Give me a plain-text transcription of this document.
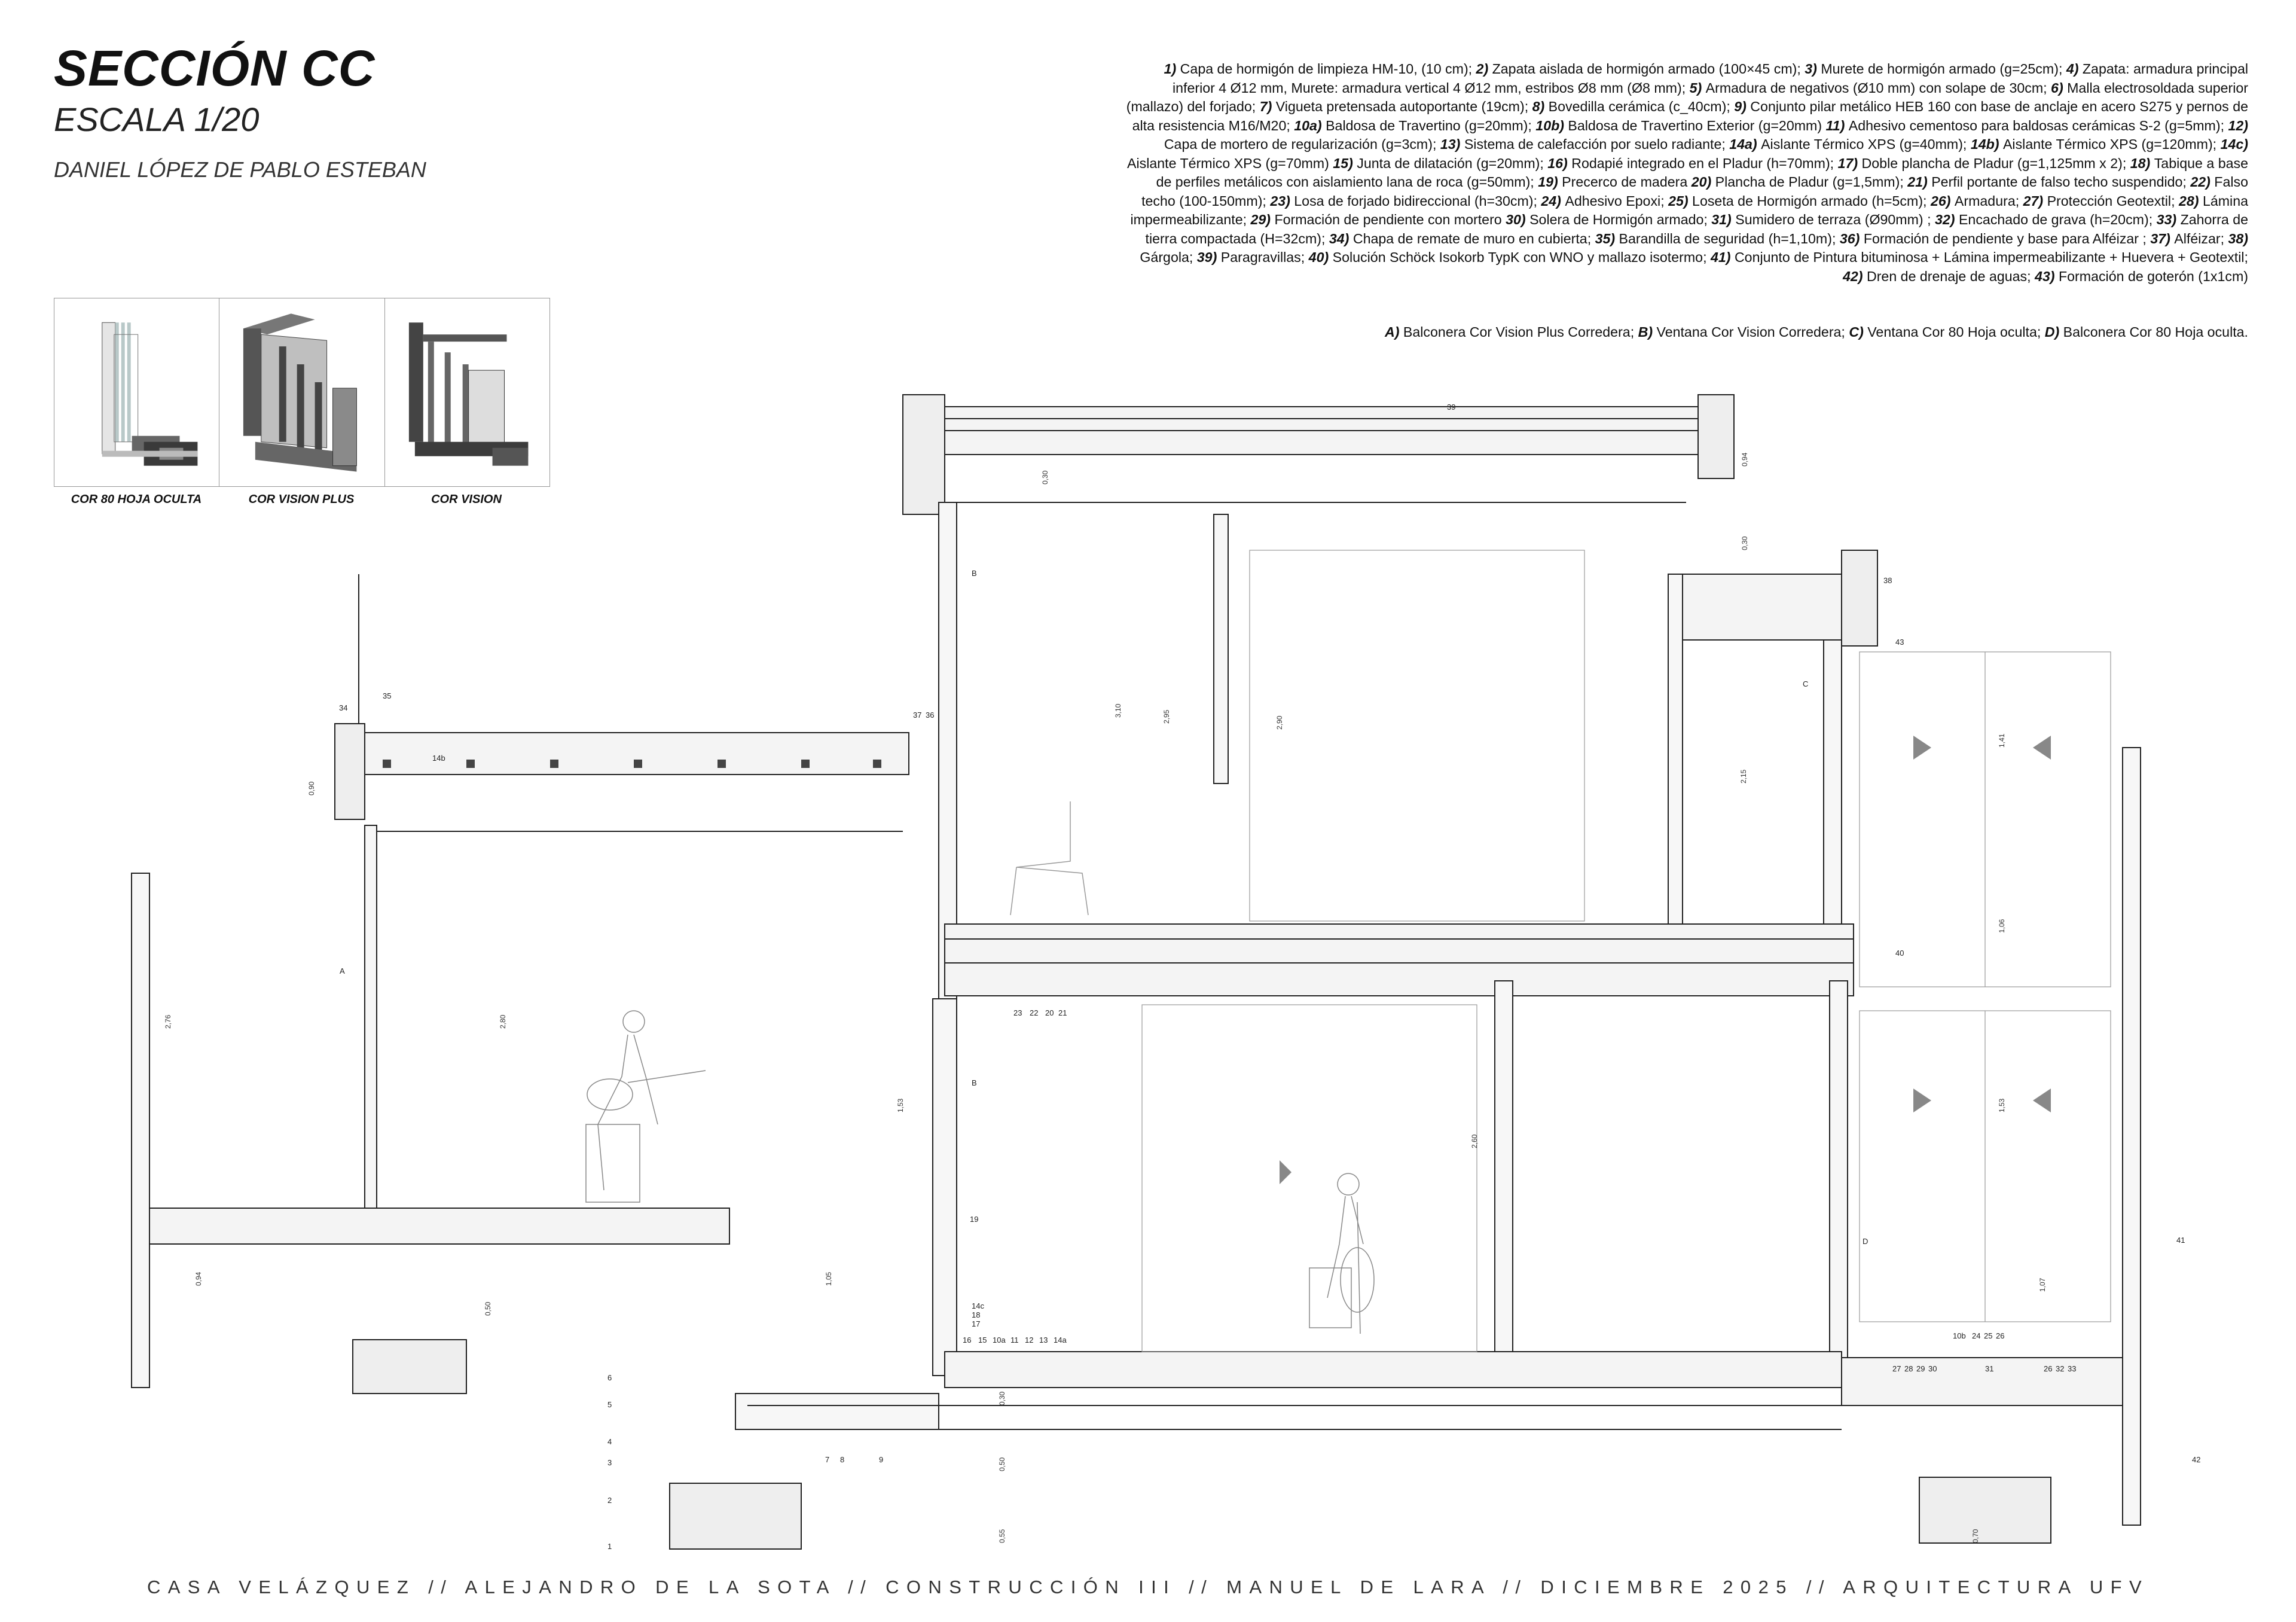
SECCIÓN CC
ESCALA 1/20
DANIEL LÓPEZ DE PABLO ESTEBAN
1) Capa de hormigón de limpieza HM-10, (10 cm); 2) Zapata aislada de hormigón armado (100×45 cm); 3) Murete de hormigón armado (g=25cm); 4) Zapata: armadura principal inferior 4 Ø12 mm, Murete: armadura vertical 4 Ø12 mm, estribos Ø8 mm (Ø8 mm); 5) Armadura de negativos (Ø10 mm) con solape de 30cm; 6) Malla electrosoldada superior (mallazo) del forjado; 7) Vigueta pretensada autoportante (19cm); 8) Bovedilla cerámica (c_40cm); 9) Conjunto pilar metálico HEB 160 con base de anclaje en acero S275 y pernos de alta resistencia M16/M20; 10a) Baldosa de Travertino (g=20mm); 10b) Baldosa de Travertino Exterior (g=20mm) 11) Adhesivo cementoso para baldosas cerámicas S-2 (g=5mm); 12) Capa de mortero de regularización (g=3cm); 13) Sistema de calefacción por suelo radiante; 14a) Aislante Térmico XPS (g=40mm); 14b) Aislante Térmico XPS (g=120mm); 14c) Aislante Térmico XPS (g=70mm) 15) Junta de dilatación (g=20mm); 16) Rodapié integrado en el Pladur (h=70mm); 17) Doble plancha de Pladur (g=1,125mm x 2); 18) Tabique a base de perfiles metálicos con aislamiento lana de roca (g=50mm); 19) Precerco de madera 20) Plancha de Pladur (g=1,5mm); 21) Perfil portante de falso techo suspendido; 22) Falso techo (100-150mm); 23) Losa de forjado bidireccional (h=30cm); 24) Adhesivo Epoxi; 25) Loseta de Hormigón armado (h=5cm); 26) Armadura; 27) Protección Geotextil; 28) Lámina impermeabilizante; 29) Formación de pendiente con mortero 30) Solera de Hormigón armado; 31) Sumidero de terraza (Ø90mm) ; 32) Encachado de grava (h=20cm); 33) Zahorra de tierra compactada (H=32cm); 34) Chapa de remate de muro en cubierta; 35) Barandilla de seguridad (h=1,10m); 36) Formación de pendiente y base para Alféizar ; 37) Alféizar; 38) Gárgola; 39) Paragravillas; 40) Solución Schöck Isokorb TypK con WNO y mallazo isotermo; 41) Conjunto de Pintura bituminosa + Lámina impermeabilizante + Huevera + Geotextil; 42) Dren de drenaje de aguas; 43) Formación de goterón (1x1cm)
A) Balconera Cor Vision Plus Corredera; B) Ventana Cor Vision Corredera; C) Ventana Cor 80 Hoja oculta; D) Balconera Cor 80 Hoja oculta.
COR 80 HOJA OCULTA	COR VISION PLUS	COR VISION
0,30
0,94
0,30
3,10	2,95	2,90
2,15
0,90
2,76	2,80
1,53
1,05
0,50
2,60
0,94
0,30
0,50
0,55
1,41
1,06
1,53
1,07
0,70
39
38
43
40
41
42
34
35
37 36
14b
A
B
B
C
D
23 22 20 21
19
14c
18
17
16 15 10a 11 12 13 14a
6
5
4
3
2
1
7 8	9
10b 24 25 26
27 28 29 30	31	26 32 33
CASA VELÁZQUEZ // ALEJANDRO DE LA SOTA // CONSTRUCCIÓN III // MANUEL DE LARA // DICIEMBRE 2025 // ARQUITECTURA UFV
